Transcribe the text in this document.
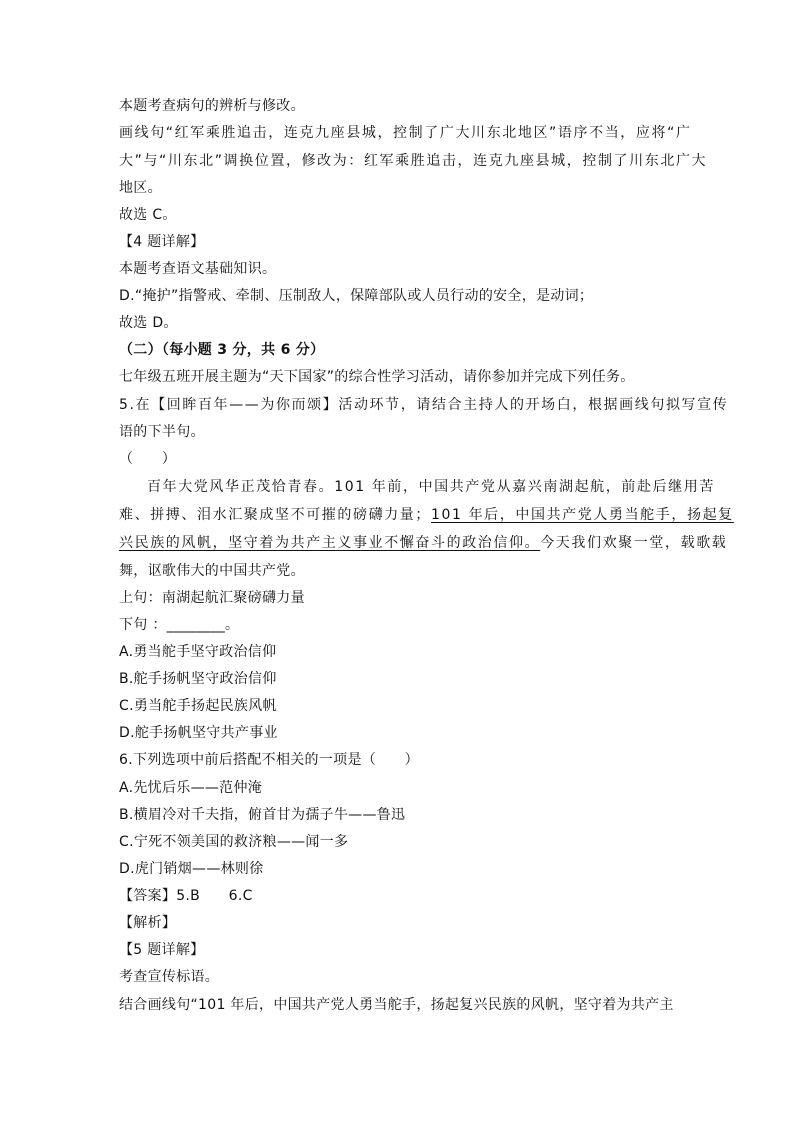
本题考查病句的辨析与修改。
画线句“红军乘胜追击，连克九座县城，控制了广大川东北地区”语序不当，应将“广
大”与“川东北”调换位置，修改为：红军乘胜追击，连克九座县城，控制了川东北广大
地区。
故选 C。
【4 题详解】
本题考查语文基础知识。
D.“掩护”指警戒、牵制、压制敌人，保障部队或人员行动的安全，是动词；
故选 D。
（二）（每小题 3 分，共 6 分）
七年级五班开展主题为“天下国家”的综合性学习活动，请你参加并完成下列任务。
5.在【回眸百年——为你而颂】活动环节，请结合主持人的开场白，根据画线句拟写宣传
语的下半句。
（　　）
百年大党风华正茂恰青春。101 年前，中国共产党从嘉兴南湖起航，前赴后继用苦
难、拼搏、泪水汇聚成坚不可摧的磅礴力量；101 年后，中国共产党人勇当舵手，扬起复
兴民族的风帆，坚守着为共产主义事业不懈奋斗的政治信仰。今天我们欢聚一堂，载歌载
舞，讴歌伟大的中国共产党。
上句：南湖起航汇聚磅礴力量
下句 ：________。
A.勇当舵手坚守政治信仰
B.舵手扬帆坚守政治信仰
C.勇当舵手扬起民族风帆
D.舵手扬帆坚守共产事业
6.下列选项中前后搭配不相关的一项是（　　）
A.先忧后乐——范仲淹
B.横眉冷对千夫指，俯首甘为孺子牛——鲁迅
C.宁死不领美国的救济粮——闻一多
D.虎门销烟——林则徐
【答案】5.B　　6.C
【解析】
【5 题详解】
考查宣传标语。
结合画线句“101 年后，中国共产党人勇当舵手，扬起复兴民族的风帆，坚守着为共产主
